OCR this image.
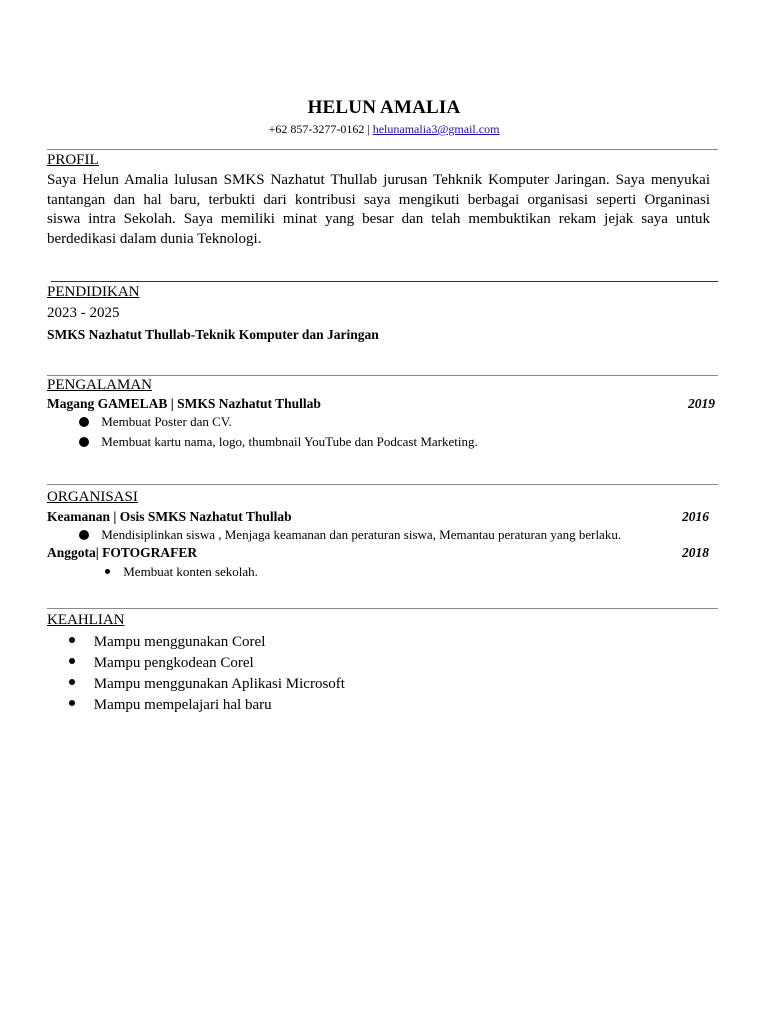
HELUN AMALIA
+62 857-3277-0162 | helunamalia3@gmail.com
PROFIL
Saya Helun Amalia lulusan SMKS Nazhatut Thullab jurusan Tehknik Komputer Jaringan. Saya menyukai
tantangan dan hal baru, terbukti dari kontribusi saya mengikuti berbagai organisasi seperti Organinasi
siswa intra Sekolah. Saya memiliki minat yang besar dan telah membuktikan rekam jejak saya untuk
berdedikasi dalam dunia Teknologi.
PENDIDIKAN
2023 - 2025
SMKS Nazhatut Thullab-Teknik Komputer dan Jaringan
PENGALAMAN
Magang GAMELAB | SMKS Nazhatut Thullab	2019
Membuat Poster dan CV.
Membuat kartu nama, logo, thumbnail YouTube dan Podcast Marketing.
ORGANISASI
Keamanan | Osis SMKS Nazhatut Thullab	2016
Mendisiplinkan siswa , Menjaga keamanan dan peraturan siswa, Memantau peraturan yang berlaku.
Anggota| FOTOGRAFER	2018
Membuat konten sekolah.
KEAHLIAN
Mampu menggunakan Corel
Mampu pengkodean Corel
Mampu menggunakan Aplikasi Microsoft
Mampu mempelajari hal baru
